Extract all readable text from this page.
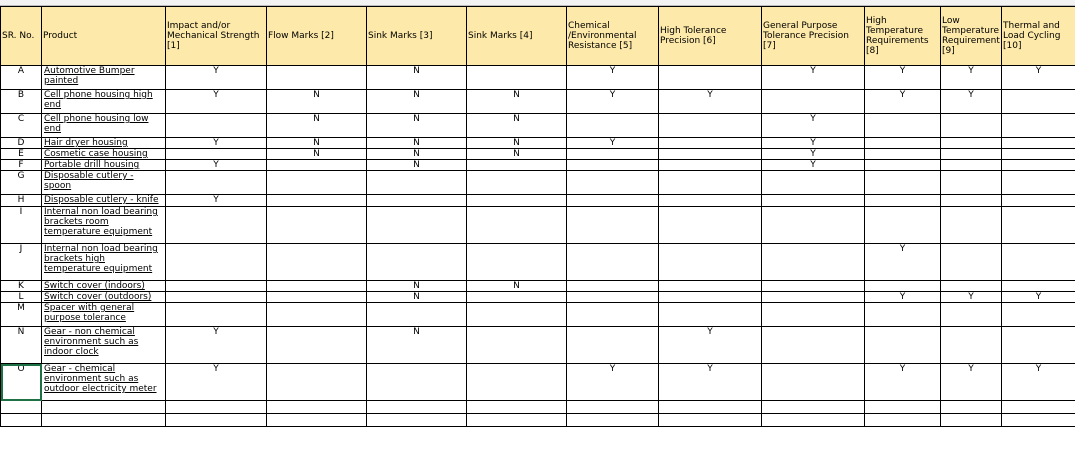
SR. No.	Product	Impact and/or Mechanical Strength [1]	Flow Marks [2]	Sink Marks [3]	Sink Marks [4]	Chemical /Environmental Resistance [5]	High Tolerance Precision [6]	General Purpose Tolerance Precision [7]	High Temperature Requirements [8]	Low Temperature Requirement [9]	Thermal and Load Cycling [10]
A	Automotive Bumper painted	Y		N		Y		Y	Y	Y	Y
B	Cell phone housing high end	Y	N	N	N	Y	Y		Y	Y	
C	Cell phone housing low end		N	N	N			Y			
D	Hair dryer housing	Y	N	N	N	Y		Y			
E	Cosmetic case housing		N	N	N			Y			
F	Portable drill housing	Y		N				Y			
G	Disposable cutlery - spoon										
H	Disposable cutlery - knife	Y									
I	Internal non load bearing brackets room temperature equipment										
J	Internal non load bearing brackets high temperature equipment								Y		
K	Switch cover (indoors)			N	N						
L	Switch cover (outdoors)			N					Y	Y	Y
M	Spacer with general purpose tolerance										
N	Gear - non chemical environment such as indoor clock	Y		N			Y				
O	Gear - chemical environment such as outdoor electricity meter	Y				Y	Y		Y	Y	Y
